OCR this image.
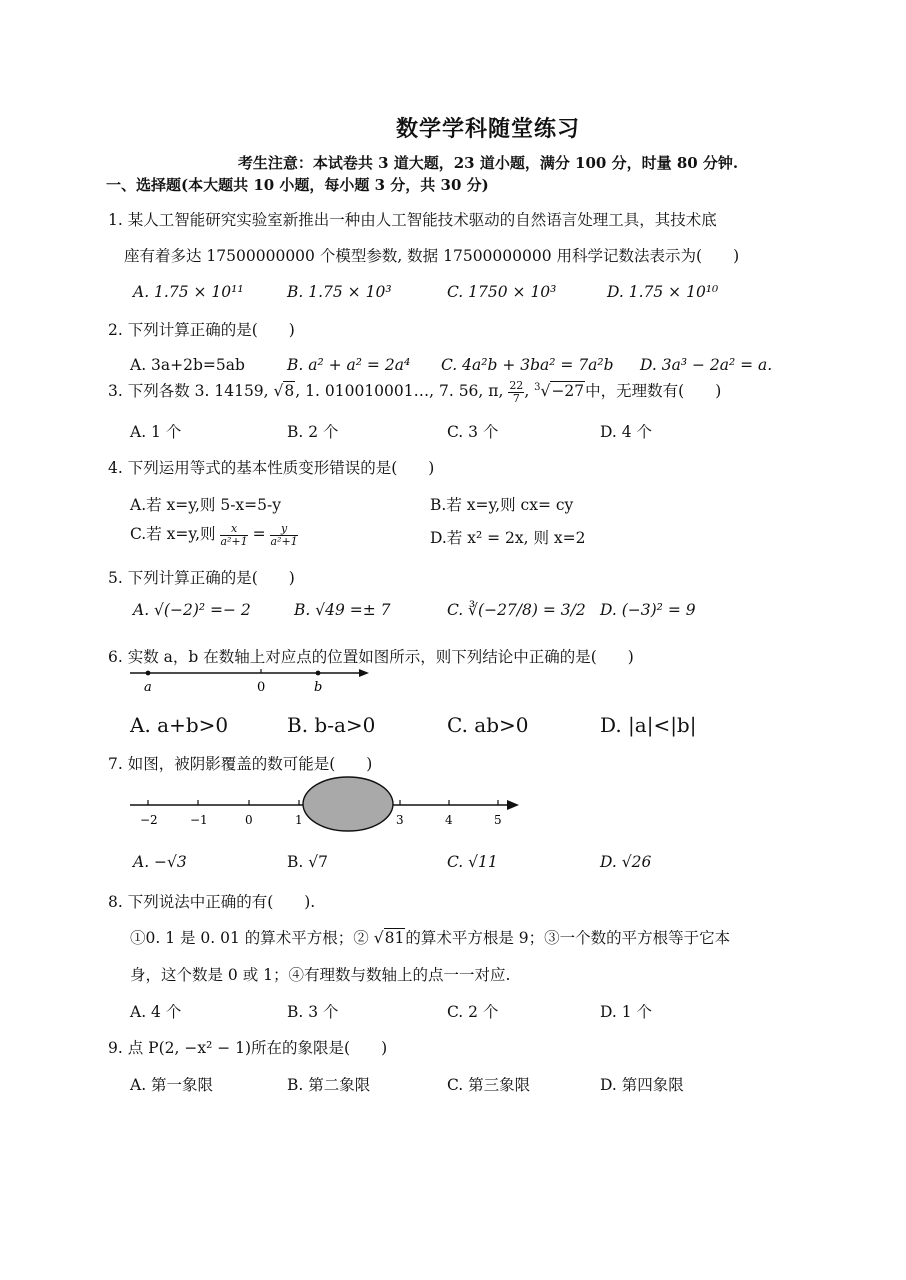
数学学科随堂练习
考生注意：本试卷共 3 道大题，23 道小题，满分 100 分，时量 80 分钟.
一、选择题(本大题共 10 小题，每小题 3 分，共 30 分)
1. 某人工智能研究实验室新推出一种由人工智能技术驱动的自然语言处理工具，其技术底
座有着多达 17500000000 个模型参数, 数据 17500000000 用科学记数法表示为(　　)
A. 1.75 × 10¹¹	B. 1.75 × 10³	C. 1750 × 10³	D. 1.75 × 10¹⁰
2. 下列计算正确的是(　　)
A. 3a+2b=5ab	B. a² + a² = 2a⁴ C. 4a²b + 3ba² = 7a²b D. 3a³ − 2a² = a.
3. 下列各数 3. 14159, √8, 1. 010010001…, 7. 56, π, $\frac{22}{7}$ , $^3$√−27中，无理数有(　　)
A. 1 个	B. 2 个	C. 3 个	D. 4 个
4. 下列运用等式的基本性质变形错误的是(　　)
A.若 x=y,则 5-x=5-y	B.若 x=y,则 cx= cy
C.若 x=y,则 $\frac{x}{\text{a²+1}} = \frac{y}{\text{a²+1}}$	D.若 x² = 2x, 则 x=2
5. 下列计算正确的是(　　)
A. √(−2)² =− 2	B. √49 =± 7	C. ∛(−27/8) = 3/2 D. (−3)² = 9
6. 实数 a，b 在数轴上对应点的位置如图所示，则下列结论中正确的是(　　)
a	0	b
A. a+b>0	B. b-a>0	C. ab>0	D. |a|<|b|
7. 如图，被阴影覆盖的数可能是(　　)
−2	−1	0	1	3	4	5
A. −√3	B. √7	C. √11	D. √26
8. 下列说法中正确的有(　　).
①0. 1 是 0. 01 的算术平方根；② √81的算术平方根是 9；③一个数的平方根等于它本
身，这个数是 0 或 1；④有理数与数轴上的点一一对应.
A. 4 个	B. 3 个	C. 2 个	D. 1 个
9. 点 P(2, −x² − 1)所在的象限是(　　)
A. 第一象限	B. 第二象限	C. 第三象限	D. 第四象限
